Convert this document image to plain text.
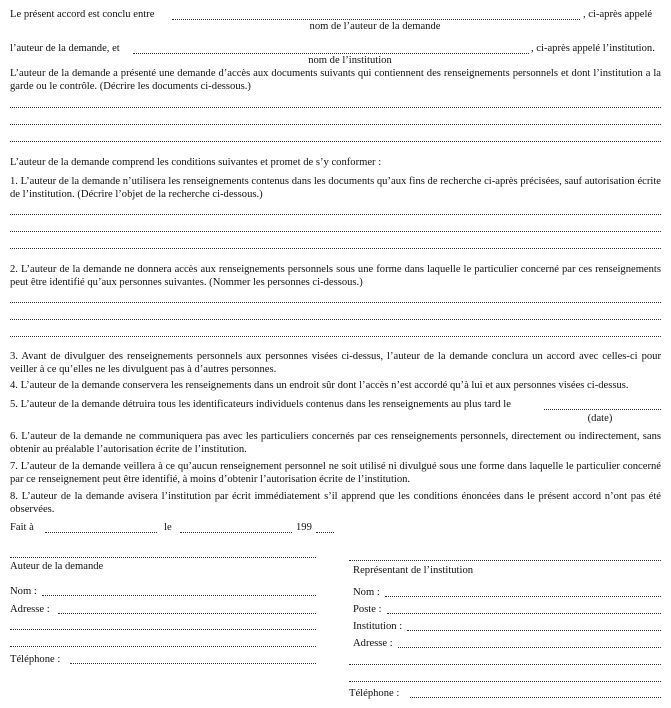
Le présent accord est conclu entre	, ci-après appelé
nom de l’auteur de la demande
l’auteur de la demande, et	, ci-après appelé l’institution.
nom de l’institution
L’auteur de la demande a présenté une demande d’accès aux documents suivants qui contiennent des renseignements personnels et dont l’institution a la garde ou le contrôle. (Décrire les documents ci-dessous.)
L’auteur de la demande comprend les conditions suivantes et promet de s’y conformer :
1. L’auteur de la demande n’utilisera les renseignements contenus dans les documents qu’aux fins de recherche ci-après précisées, sauf autorisation écrite de l’institution. (Décrire l’objet de la recherche ci-dessous.)
2. L’auteur de la demande ne donnera accès aux renseignements personnels sous une forme dans laquelle le particulier concerné par ces renseignements peut être identifié qu’aux personnes suivantes. (Nommer les personnes ci-dessous.)
3. Avant de divulguer des renseignements personnels aux personnes visées ci-dessus, l’auteur de la demande conclura un accord avec celles-ci pour veiller à ce qu’elles ne les divulguent pas à d’autres personnes.
4. L’auteur de la demande conservera les renseignements dans un endroit sûr dont l’accès n’est accordé qu’à lui et aux personnes visées ci-dessus.
5. L’auteur de la demande détruira tous les identificateurs individuels contenus dans les renseignements au plus tard le
(date)
6. L’auteur de la demande ne communiquera pas avec les particuliers concernés par ces renseignements personnels, directement ou indirectement, sans obtenir au préalable l’autorisation écrite de l’institution.
7. L’auteur de la demande veillera à ce qu’aucun renseignement personnel ne soit utilisé ni divulgué sous une forme dans laquelle le particulier concerné par ce renseignement peut être identifié, à moins d’obtenir l’autorisation écrite de l’institution.
8. L’auteur de la demande avisera l’institution par écrit immédiatement s’il apprend que les conditions énoncées dans le présent accord n’ont pas été observées.
Fait à	le	199
Auteur de la demande
Nom :
Adresse :
Téléphone :
Représentant de l’institution
Nom :
Poste :
Institution :
Adresse :
Téléphone :
